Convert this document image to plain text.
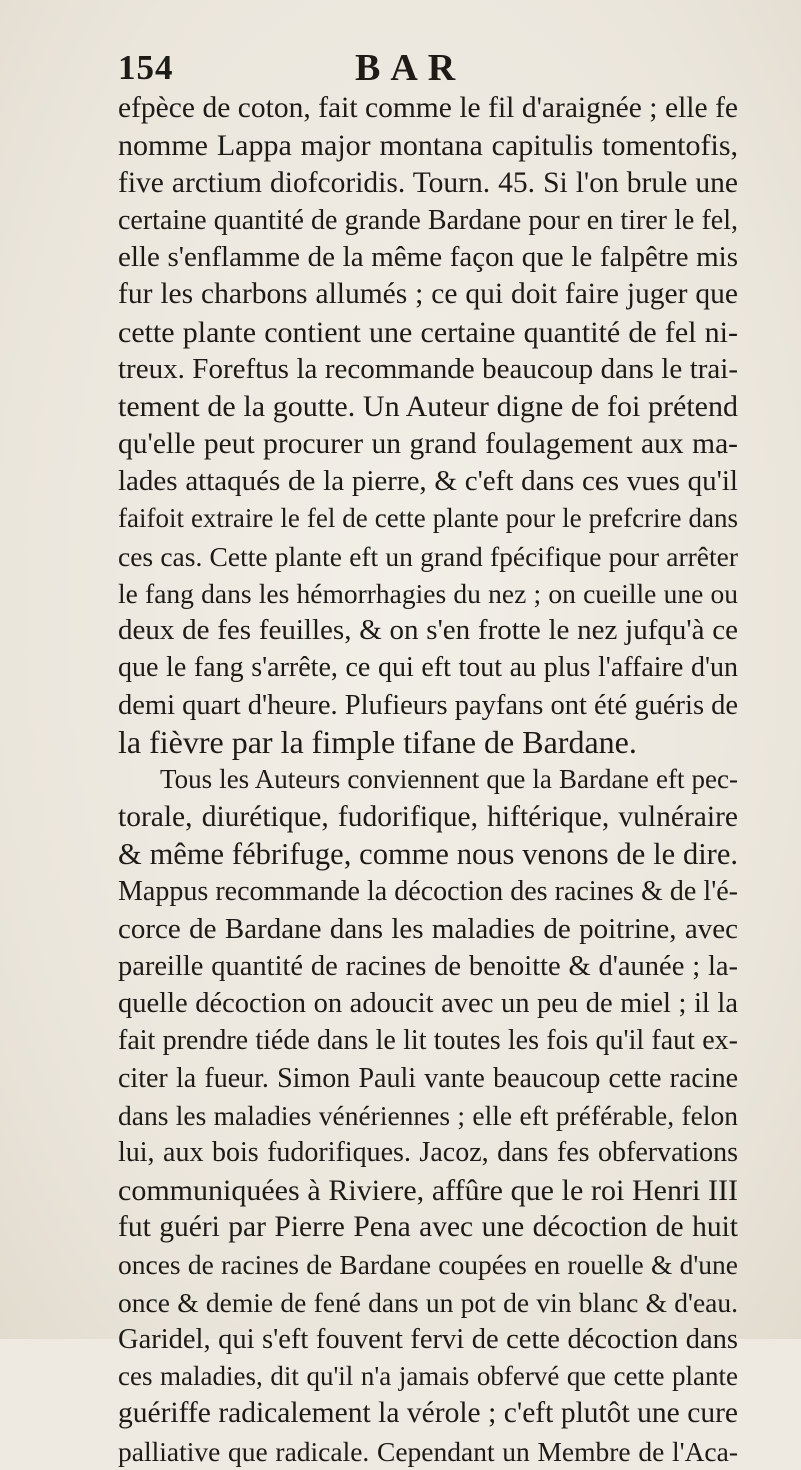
154	BAR
efpèce de coton, fait comme le fil d'araignée ; elle fe
nomme Lappa major montana capitulis tomentofis,
five arctium diofcoridis. Tourn. 45. Si l'on brule une
certaine quantité de grande Bardane pour en tirer le fel,
elle s'enflamme de la même façon que le falpêtre mis
fur les charbons allumés ; ce qui doit faire juger que
cette plante contient une certaine quantité de fel ni-
treux. Foreftus la recommande beaucoup dans le trai-
tement de la goutte. Un Auteur digne de foi prétend
qu'elle peut procurer un grand foulagement aux ma-
lades attaqués de la pierre, & c'eft dans ces vues qu'il
faifoit extraire le fel de cette plante pour le prefcrire dans
ces cas. Cette plante eft un grand fpécifique pour arrêter
le fang dans les hémorrhagies du nez ; on cueille une ou
deux de fes feuilles, & on s'en frotte le nez jufqu'à ce
que le fang s'arrête, ce qui eft tout au plus l'affaire d'un
demi quart d'heure. Plufieurs payfans ont été guéris de
la fièvre par la fimple tifane de Bardane.
Tous les Auteurs conviennent que la Bardane eft pec-
torale, diurétique, fudorifique, hiftérique, vulnéraire
& même fébrifuge, comme nous venons de le dire.
Mappus recommande la décoction des racines & de l'é-
corce de Bardane dans les maladies de poitrine, avec
pareille quantité de racines de benoitte & d'aunée ; la-
quelle décoction on adoucit avec un peu de miel ; il la
fait prendre tiéde dans le lit toutes les fois qu'il faut ex-
citer la fueur. Simon Pauli vante beaucoup cette racine
dans les maladies vénériennes ; elle eft préférable, felon
lui, aux bois fudorifiques. Jacoz, dans fes obfervations
communiquées à Riviere, affûre que le roi Henri III
fut guéri par Pierre Pena avec une décoction de huit
onces de racines de Bardane coupées en rouelle & d'une
once & demie de fené dans un pot de vin blanc & d'eau.
Garidel, qui s'eft fouvent fervi de cette décoction dans
ces maladies, dit qu'il n'a jamais obfervé que cette plante
guériffe radicalement la vérole ; c'eft plutôt une cure
palliative que radicale. Cependant un Membre de l'Aca-
